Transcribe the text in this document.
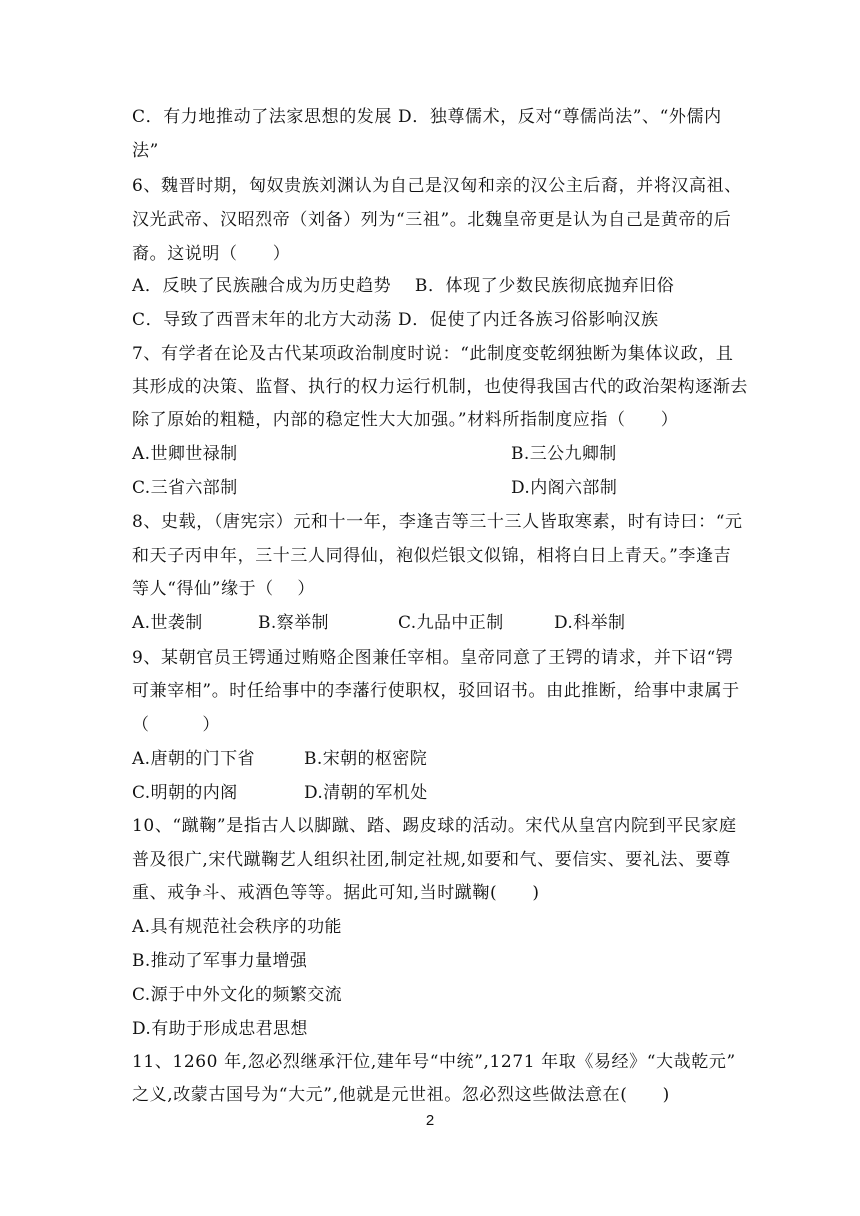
C．有力地推动了法家思想的发展 D．独尊儒术，反对“尊儒尚法”、“外儒内
法”
6、魏晋时期，匈奴贵族刘渊认为自己是汉匈和亲的汉公主后裔，并将汉高祖、
汉光武帝、汉昭烈帝（刘备）列为“三祖”。北魏皇帝更是认为自己是黄帝的后
裔。这说明（　　）
A．反映了民族融合成为历史趋势　 B．体现了少数民族彻底抛弃旧俗
C．导致了西晋末年的北方大动荡 D．促使了内迁各族习俗影响汉族
7、有学者在论及古代某项政治制度时说：“此制度变乾纲独断为集体议政，且
其形成的决策、监督、执行的权力运行机制，也使得我国古代的政治架构逐渐去
除了原始的粗糙，内部的稳定性大大加强。”材料所指制度应指（　　）
A.世卿世禄制	B.三公九卿制
C.三省六部制	D.内阁六部制
8、史载，（唐宪宗）元和十一年，李逢吉等三十三人皆取寒素，时有诗曰：“元
和天子丙申年，三十三人同得仙，袍似烂银文似锦，相将白日上青天。”李逢吉
等人“得仙”缘于（　 ）
A.世袭制	B.察举制	C.九品中正制	D.科举制
9、某朝官员王锷通过贿赂企图兼任宰相。皇帝同意了王锷的请求，并下诏“锷
可兼宰相”。时任给事中的李藩行使职权，驳回诏书。由此推断，给事中隶属于
（　　　）
A.唐朝的门下省	B.宋朝的枢密院
C.明朝的内阁	D.清朝的军机处
10、“蹴鞠”是指古人以脚蹴、踏、踢皮球的活动。宋代从皇宫内院到平民家庭
普及很广,宋代蹴鞠艺人组织社团,制定社规,如要和气、要信实、要礼法、要尊
重、戒争斗、戒酒色等等。据此可知,当时蹴鞠(　　)
A.具有规范社会秩序的功能
B.推动了军事力量增强
C.源于中外文化的频繁交流
D.有助于形成忠君思想
11、1260 年,忽必烈继承汗位,建年号“中统”,1271 年取《易经》“大哉乾元”
之义,改蒙古国号为“大元”,他就是元世祖。忽必烈这些做法意在(　　)
2
